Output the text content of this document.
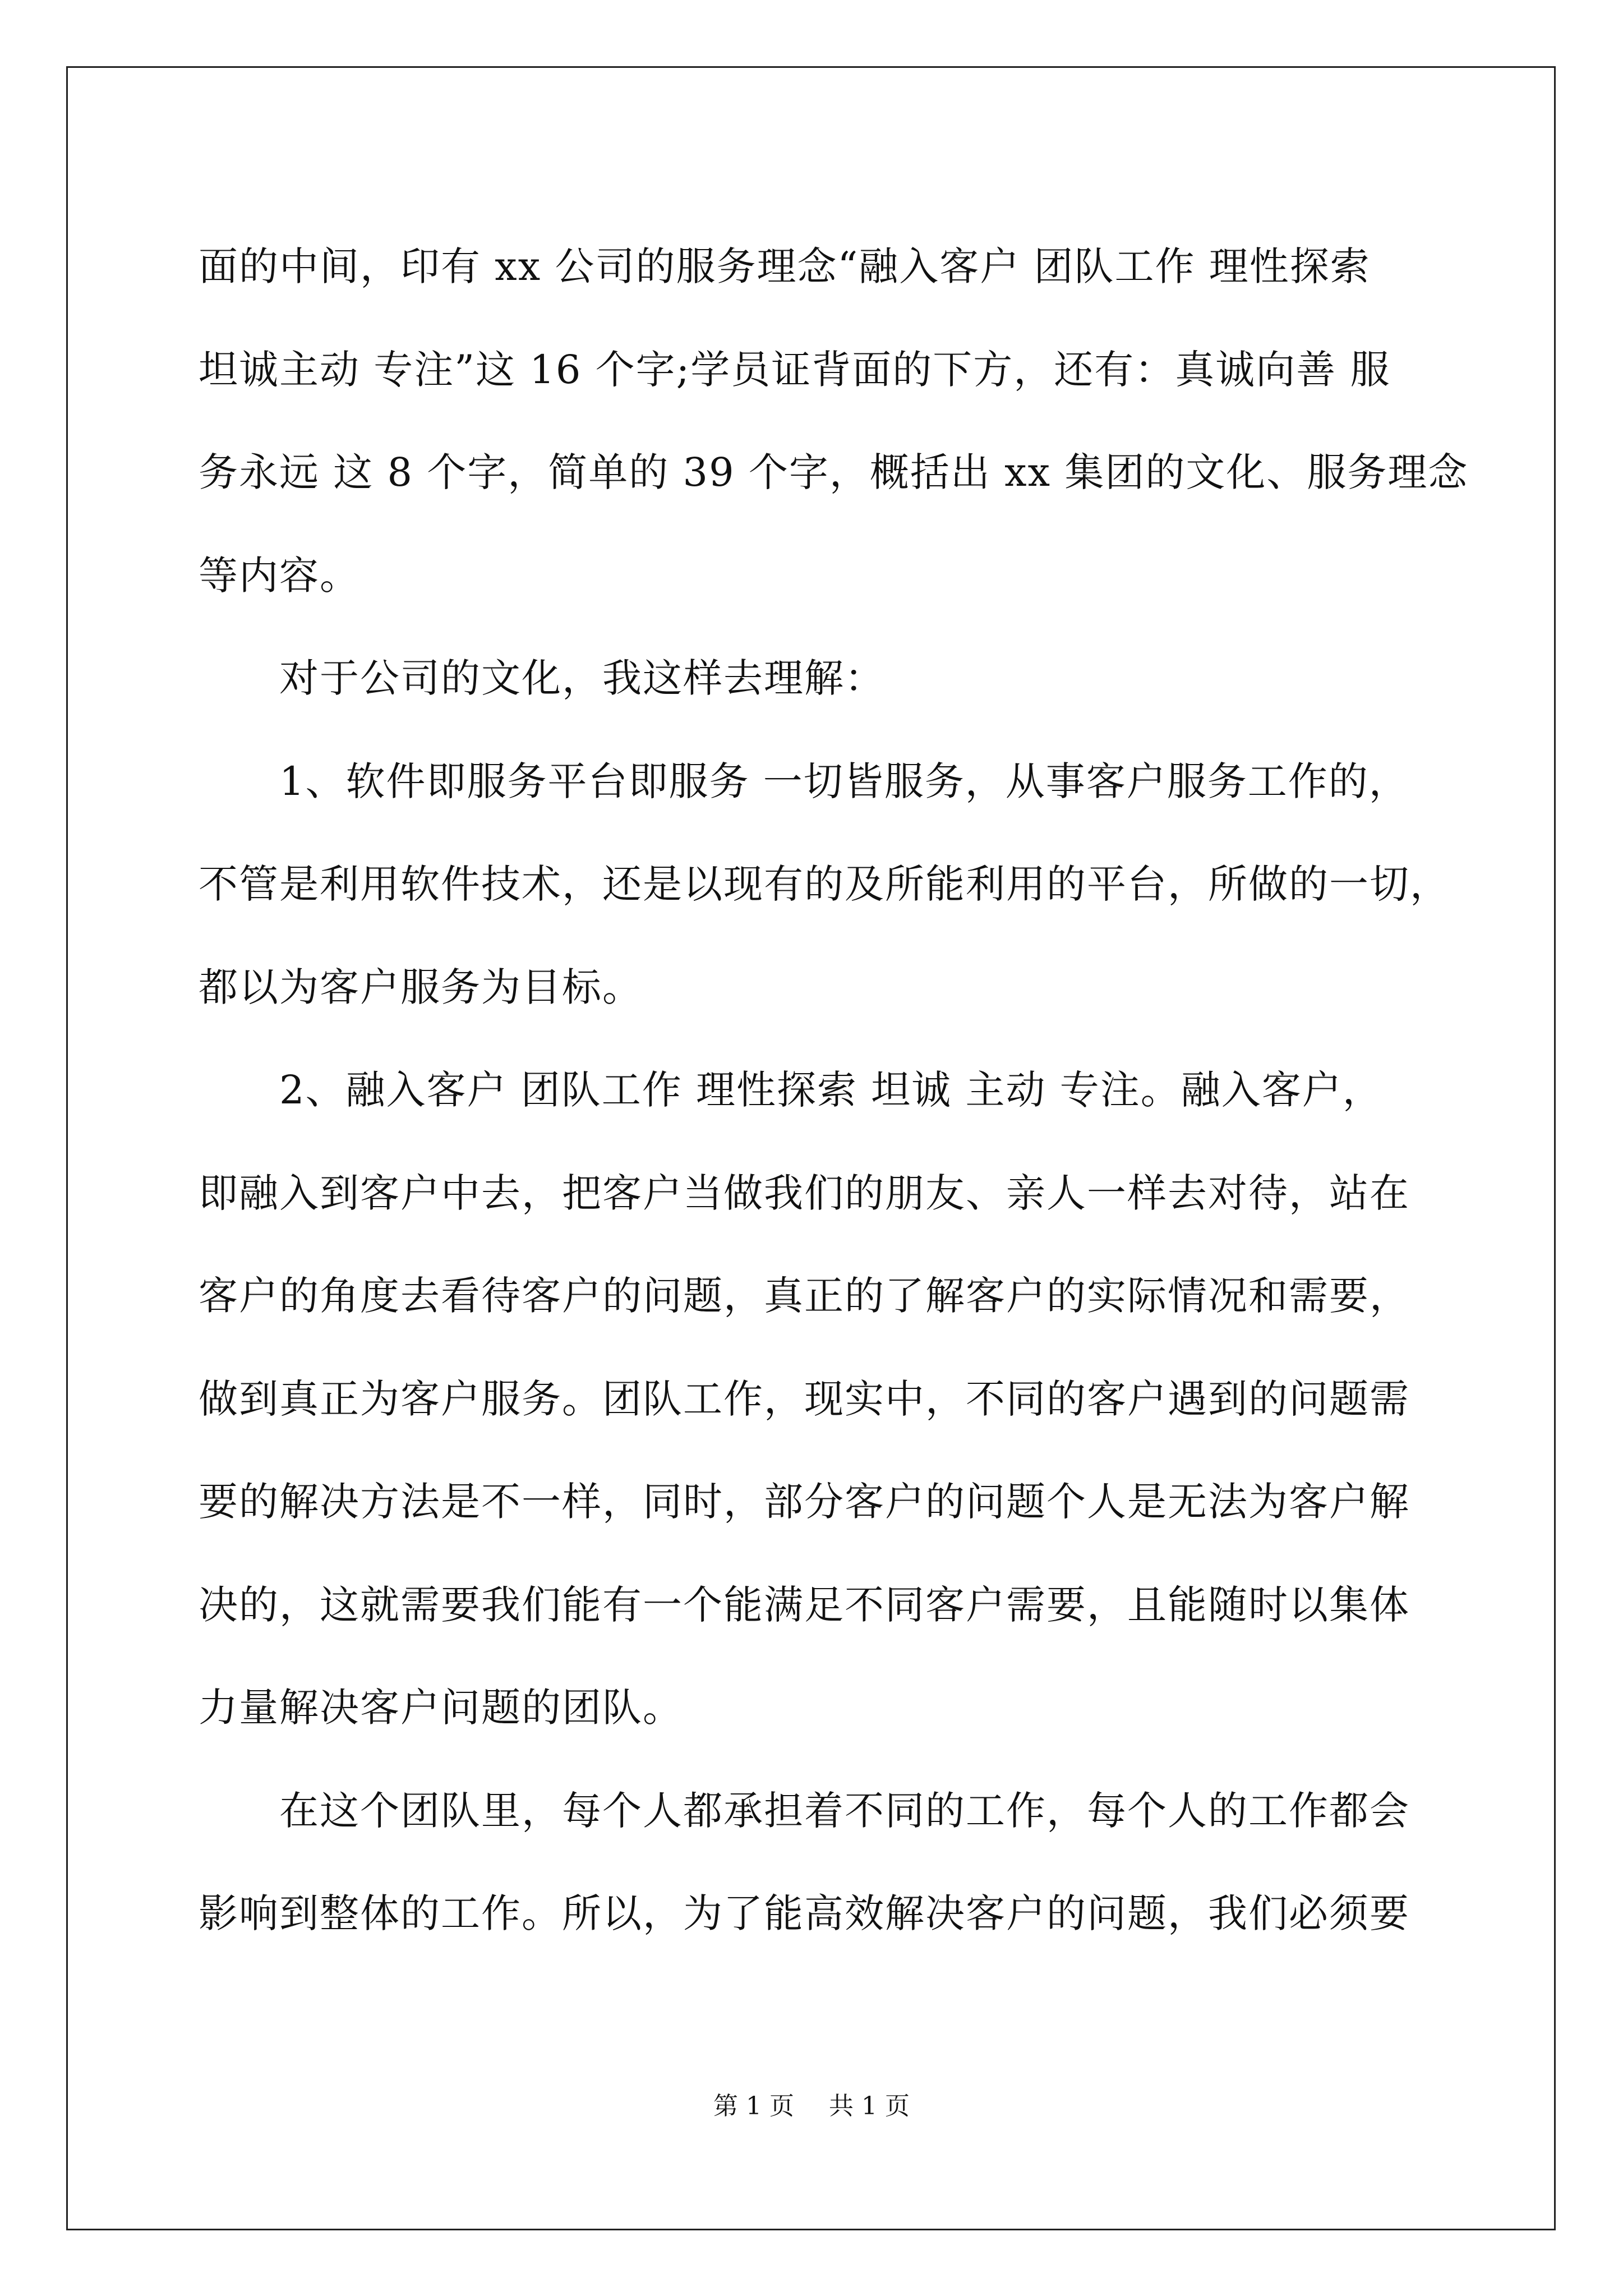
面的中间，印有 xx 公司的服务理念“融入客户 团队工作 理性探索
坦诚主动 专注”这 16 个字;学员证背面的下方，还有：真诚向善 服
务永远 这 8 个字，简单的 39 个字，概括出 xx 集团的文化、服务理念
等内容。
对于公司的文化，我这样去理解：
1、软件即服务平台即服务 一切皆服务，从事客户服务工作的，
不管是利用软件技术，还是以现有的及所能利用的平台，所做的一切，
都以为客户服务为目标。
2、融入客户 团队工作 理性探索 坦诚 主动 专注。融入客户，
即融入到客户中去，把客户当做我们的朋友、亲人一样去对待，站在
客户的角度去看待客户的问题，真正的了解客户的实际情况和需要，
做到真正为客户服务。团队工作，现实中，不同的客户遇到的问题需
要的解决方法是不一样，同时，部分客户的问题个人是无法为客户解
决的，这就需要我们能有一个能满足不同客户需要，且能随时以集体
力量解决客户问题的团队。
在这个团队里，每个人都承担着不同的工作，每个人的工作都会
影响到整体的工作。所以，为了能高效解决客户的问题，我们必须要
第 1 页 共 1 页
